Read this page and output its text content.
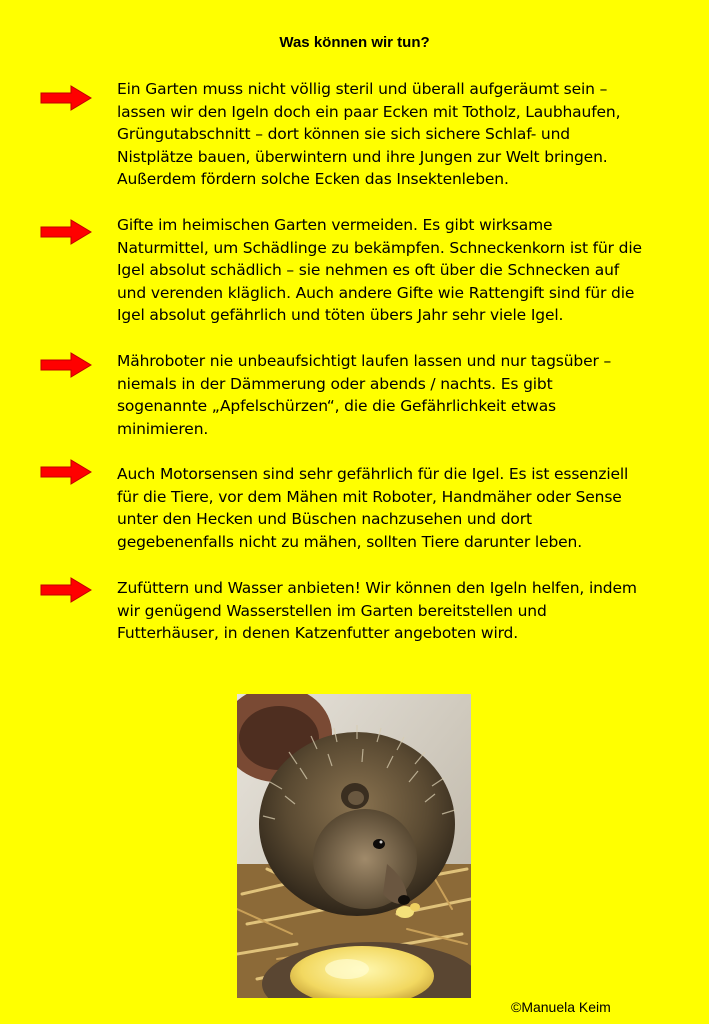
Was können wir tun?
Ein Garten muss nicht völlig steril und überall aufgeräumt sein –
lassen wir den Igeln doch ein paar Ecken mit Totholz, Laubhaufen,
Grüngutabschnitt – dort können sie sich sichere Schlaf- und
Nistplätze bauen, überwintern und ihre Jungen zur Welt bringen.
Außerdem fördern solche Ecken das Insektenleben.
Gifte im heimischen Garten vermeiden. Es gibt wirksame
Naturmittel, um Schädlinge zu bekämpfen. Schneckenkorn ist für die
Igel absolut schädlich – sie nehmen es oft über die Schnecken auf
und verenden kläglich. Auch andere Gifte wie Rattengift sind für die
Igel absolut gefährlich und töten übers Jahr sehr viele Igel.
Mähroboter nie unbeaufsichtigt laufen lassen und nur tagsüber –
niemals in der Dämmerung oder abends / nachts. Es gibt
sogenannte „Apfelschürzen“, die die Gefährlichkeit etwas
minimieren.
Auch Motorsensen sind sehr gefährlich für die Igel. Es ist essenziell
für die Tiere, vor dem Mähen mit Roboter, Handmäher oder Sense
unter den Hecken und Büschen nachzusehen und dort
gegebenenfalls nicht zu mähen, sollten Tiere darunter leben.
Zufüttern und Wasser anbieten! Wir können den Igeln helfen, indem
wir genügend Wasserstellen im Garten bereitstellen und
Futterhäuser, in denen Katzenfutter angeboten wird.
©Manuela Keim
